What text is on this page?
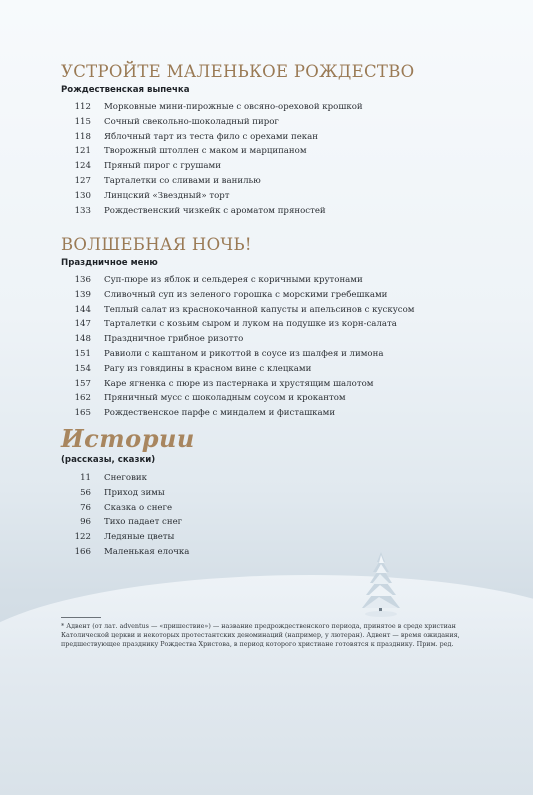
УСТРОЙТЕ МАЛЕНЬКОЕ РОЖДЕСТВО
Рождественская выпечка
112 Морковные мини-пирожные с овсяно-ореховой крошкой
115 Сочный свекольно-шоколадный пирог
118 Яблочный тарт из теста фило с орехами пекан
121 Творожный штоллен с маком и марципаном
124 Пряный пирог с грушами
127 Тарталетки со сливами и ванилью
130 Линцский «Звездный» торт
133 Рождественский чизкейк с ароматом пряностей
ВОЛШЕБНАЯ НОЧЬ!
Праздничное меню
136 Суп-пюре из яблок и сельдерея с коричными крутонами
139 Сливочный суп из зеленого горошка с морскими гребешками
144 Теплый салат из краснокочанной капусты и апельсинов с кускусом
147 Тарталетки с козьим сыром и луком на подушке из корн-салата
148 Праздничное грибное ризотто
151 Равиоли с каштаном и рикоттой в соусе из шалфея и лимона
154 Рагу из говядины в красном вине с клецками
157 Каре ягненка с пюре из пастернака и хрустящим шалотом
162 Пряничный мусс с шоколадным соусом и крокантом
165 Рождественское парфе с миндалем и фисташками
Истории
(рассказы, сказки)
11 Снеговик
56 Приход зимы
76 Сказка о снеге
96 Тихо падает снег
122 Ледяные цветы
166 Маленькая елочка
* Адвент (от лат. adventus — «пришествие») — название предрождественского периода, принятое в среде христиан Католической церкви и некоторых протестантских деноминаций (например, у лютеран). Адвент — время ожидания, предшествующее празднику Рождества Христова, в период которого христиане готовятся к празднику. Прим. ред.
